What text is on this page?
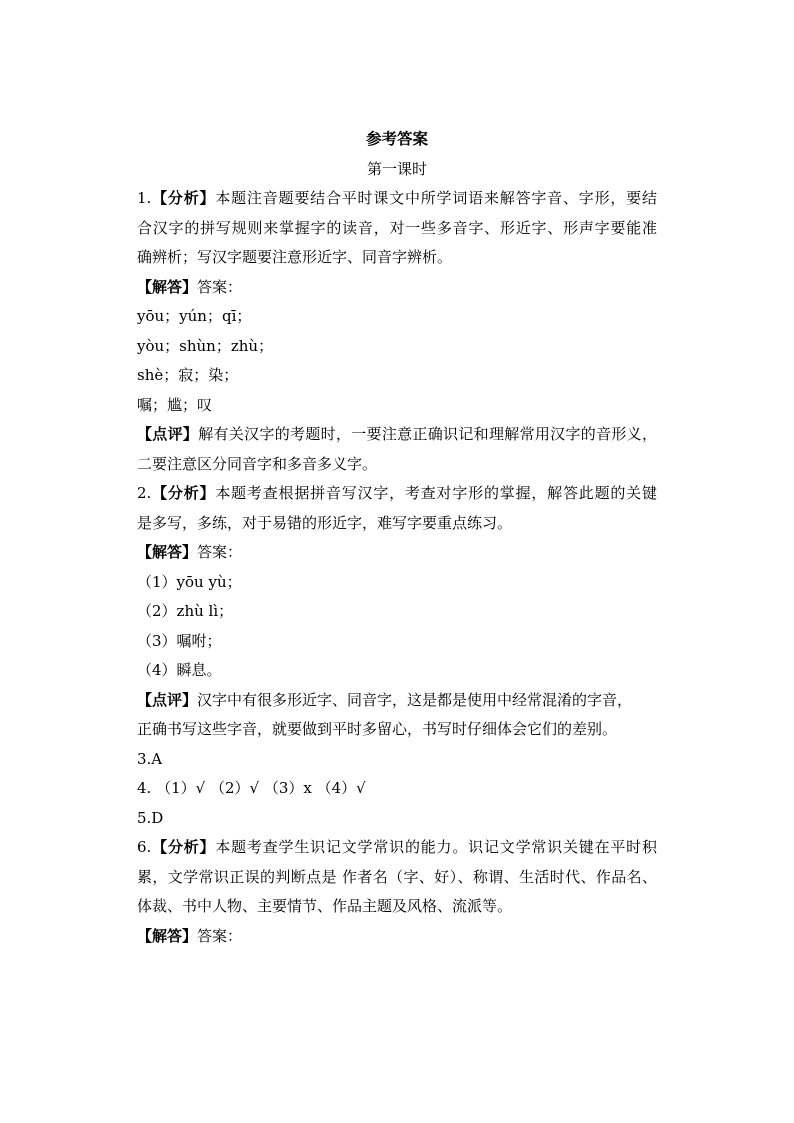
参考答案
第一课时
1.【分析】本题注音题要结合平时课文中所学词语来解答字音、字形，要结
合汉字的拼写规则来掌握字的读音，对一些多音字、形近字、形声字要能准
确辨析；写汉字题要注意形近字、同音字辨析。
【解答】答案：
yōu；yún；qī；
yòu；shùn；zhù；
shè；寂；染；
嘱；尴；叹
【点评】解有关汉字的考题时，一要注意正确识记和理解常用汉字的音形义，
二要注意区分同音字和多音多义字。
2.【分析】本题考查根据拼音写汉字，考查对字形的掌握，解答此题的关键
是多写，多练，对于易错的形近字，难写字要重点练习。
【解答】答案：
（1）yōu yù；
（2）zhù lì；
（3）嘱咐；
（4）瞬息。
【点评】汉字中有很多形近字、同音字，这是都是使用中经常混淆的字音，
正确书写这些字音，就要做到平时多留心，书写时仔细体会它们的差别。
3.A
4. （1）√ （2）√ （3）x （4）√
5.D
6.【分析】本题考查学生识记文学常识的能力。识记文学常识关键在平时积
累，文学常识正误的判断点是 作者名（字、好）、称谓、生活时代、作品名、
体裁、书中人物、主要情节、作品主题及风格、流派等。
【解答】答案：
